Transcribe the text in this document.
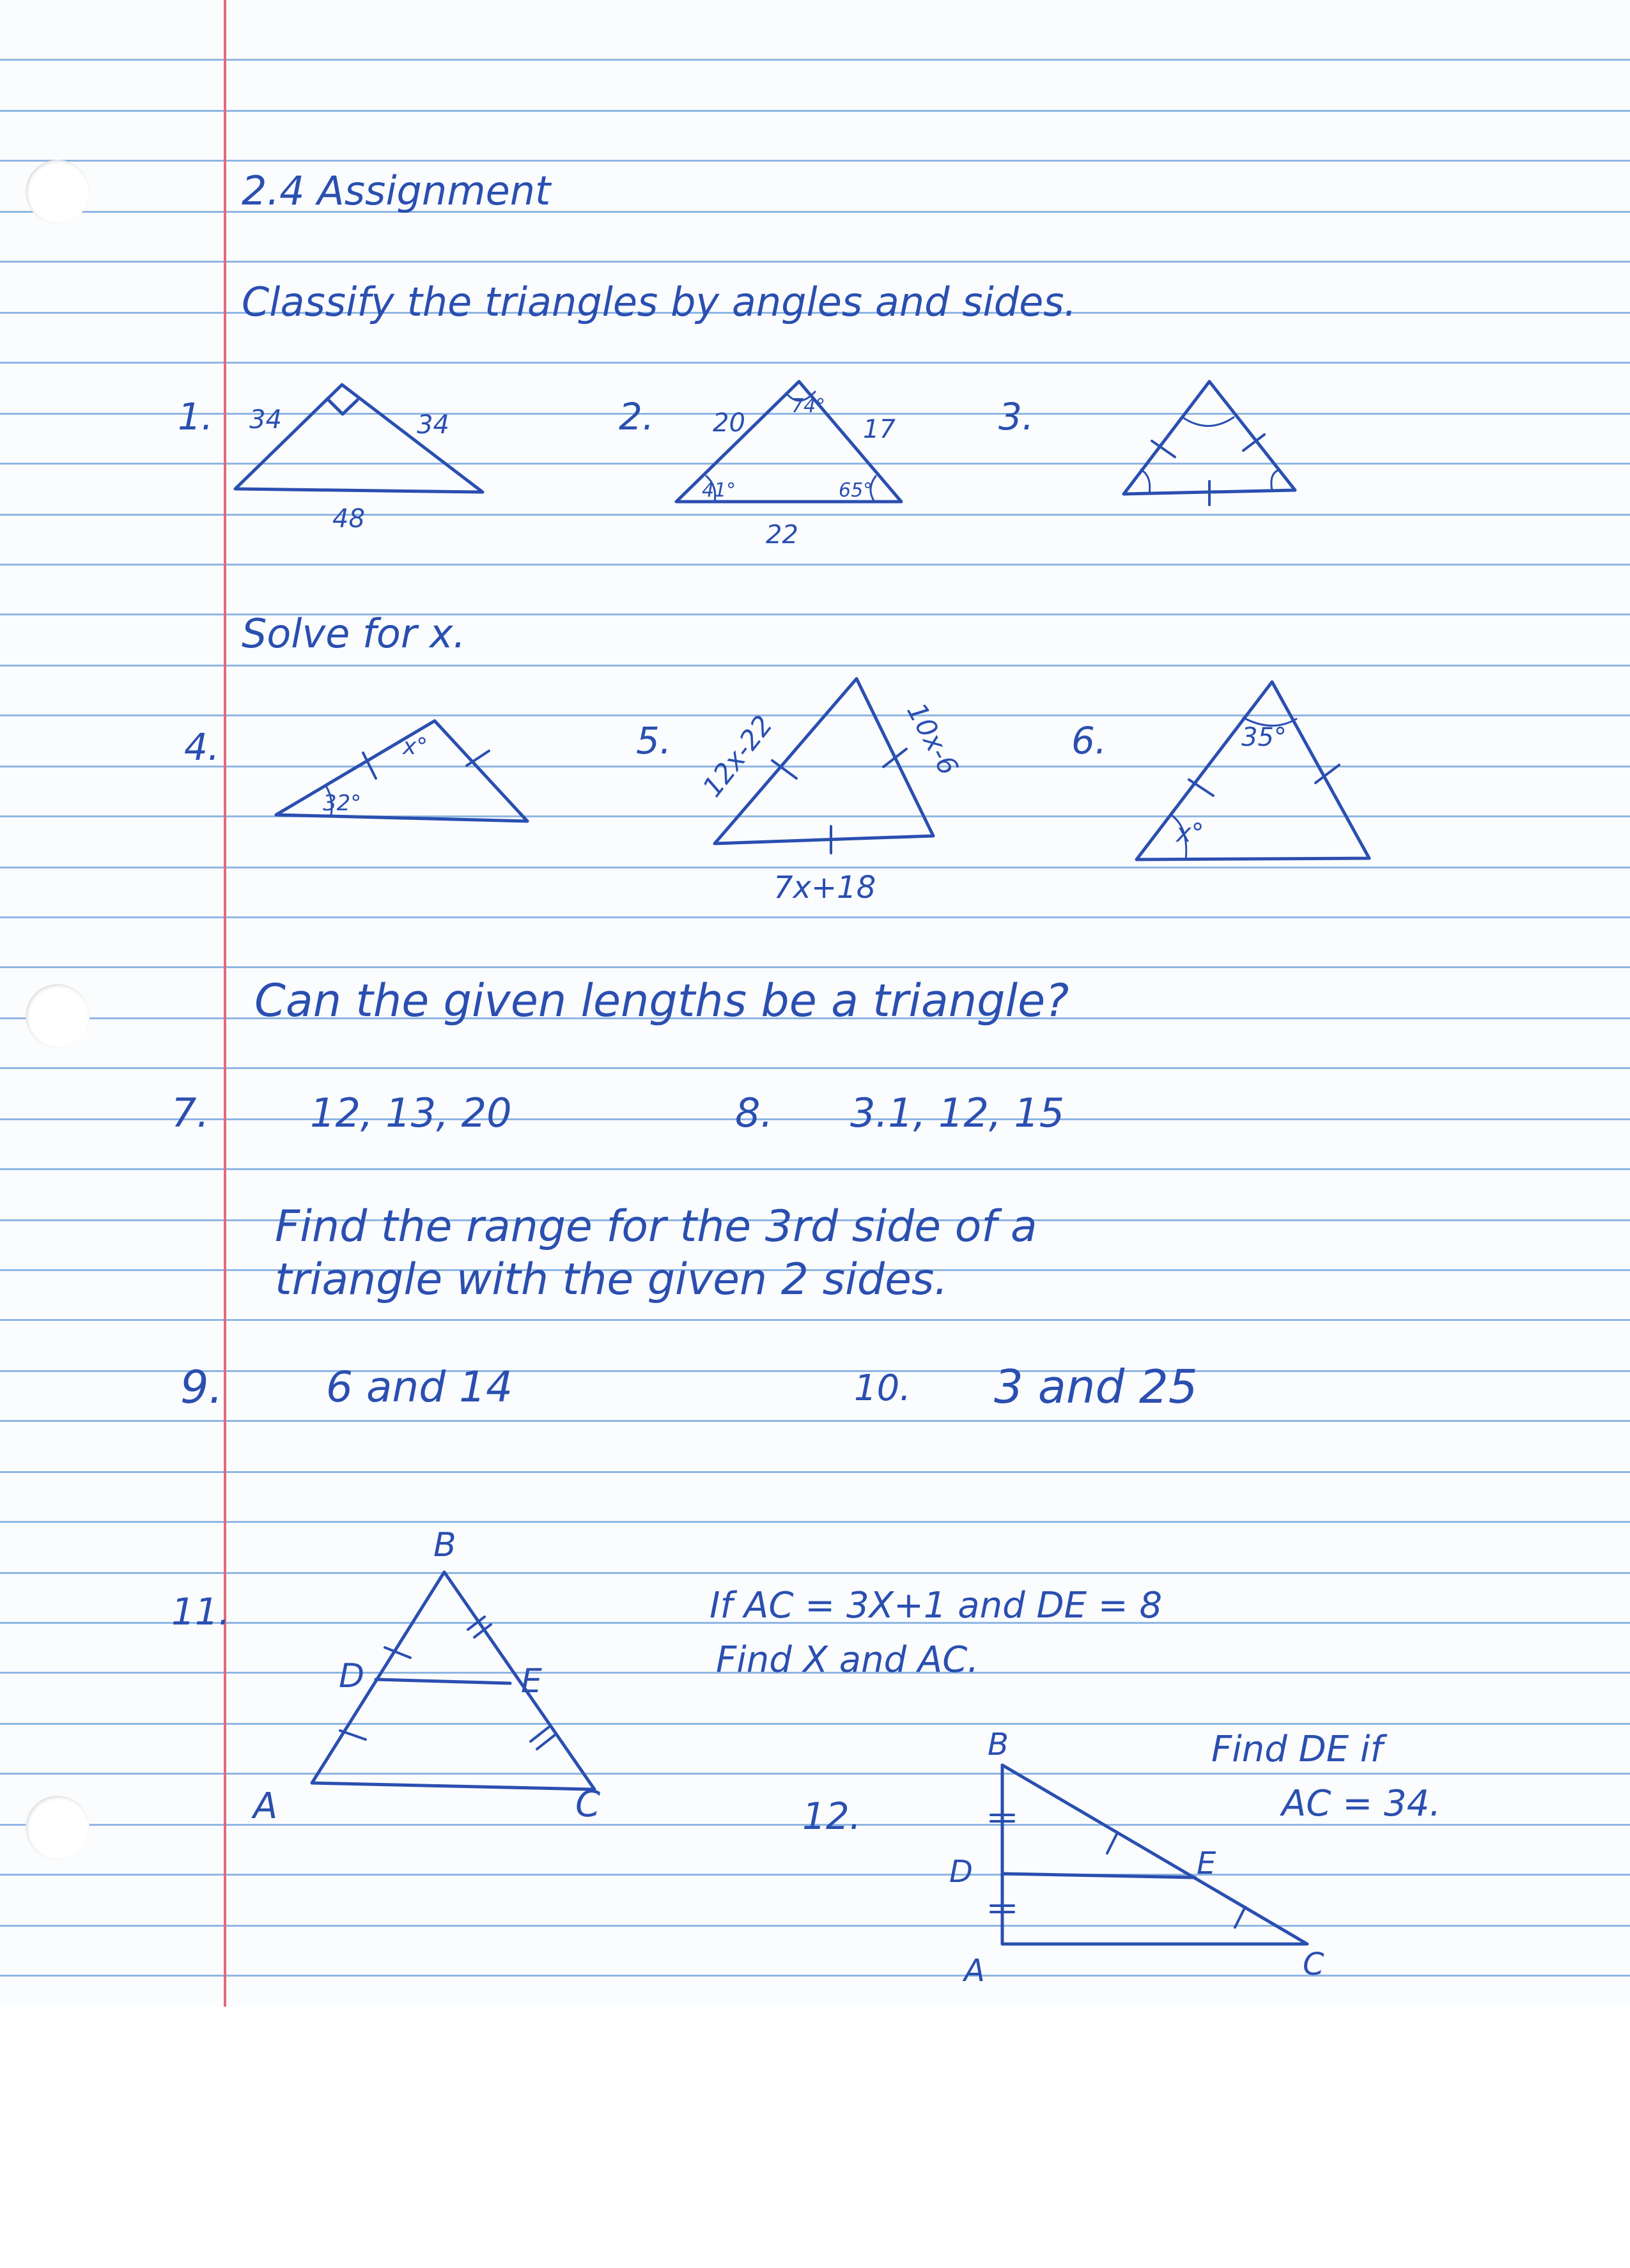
2.4 Assignment
Classify the triangles by angles and sides.
1. 34	34
48
2. 20
74°
17
41°	65°
22
3.
Solve for x.
4.	x°
32°
5. 12x-22	10x-6
7x+18
6.	35°
x°
Can the given lengths be a triangle?
7.	12, 13, 20	8. 3.1, 12, 15
Find the range for the 3rd side of a
triangle with the given 2 sides.
9. 6 and 14	10. 3 and 25
11.
B
D	E
A	C
If AC = 3X+1 and DE = 8
Find X and AC.
12.
B
D	E
A	C
Find DE if
AC = 34.
